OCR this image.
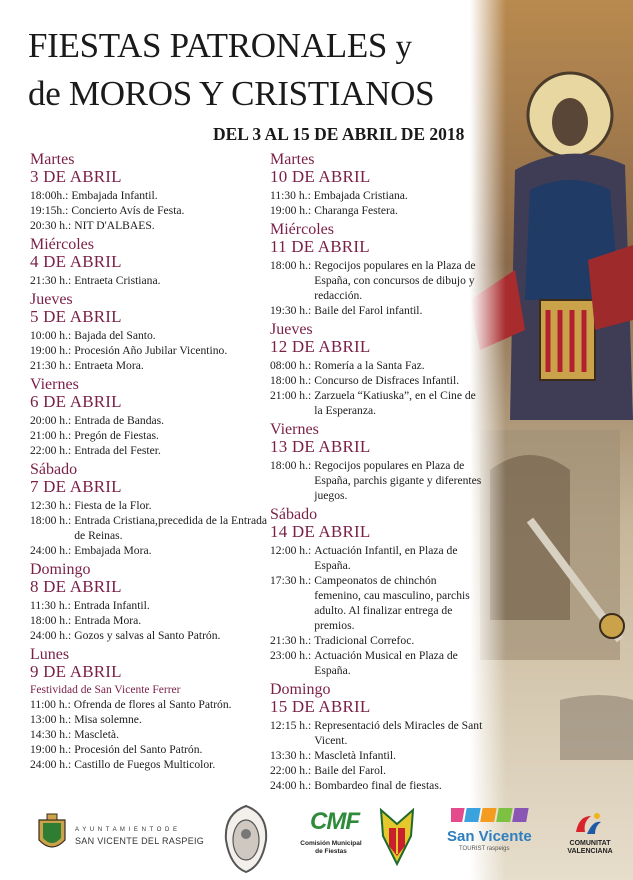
FIESTAS PATRONALES y
de MOROS Y CRISTIANOS
DEL 3 AL 15 DE ABRIL DE 2018
Martes
3 DE ABRIL
18:00h.: Embajada Infantil.
19:15h.: Concierto Avís de Festa.
20:30 h.: NIT D'ALBAES.
Miércoles
4 DE ABRIL
21:30 h.: Entraeta Cristiana.
Jueves
5 DE ABRIL
10:00 h.: Bajada del Santo.
19:00 h.: Procesión Año Jubilar Vicentino.
21:30 h.: Entraeta Mora.
Viernes
6 DE ABRIL
20:00 h.: Entrada de Bandas.
21:00 h.: Pregón de Fiestas.
22:00 h.: Entrada del Fester.
Sábado
7 DE ABRIL
12:30 h.: Fiesta de la Flor.
18:00 h.: Entrada Cristiana,precedida de la Entrada de Reinas.
24:00 h.: Embajada Mora.
Domingo
8 DE ABRIL
11:30 h.: Entrada Infantil.
18:00 h.: Entrada Mora.
24:00 h.: Gozos y salvas al Santo Patrón.
Lunes
9 DE ABRIL
Festividad de San Vicente Ferrer
11:00 h.: Ofrenda de flores al Santo Patrón.
13:00 h.: Misa solemne.
14:30 h.: Mascletà.
19:00 h.: Procesión del Santo Patrón.
24:00 h.: Castillo de Fuegos Multicolor.
Martes
10 DE ABRIL
11:30 h.: Embajada Cristiana.
19:00 h.: Charanga Festera.
Miércoles
11 DE ABRIL
18:00 h.: Regocijos populares en la Plaza de España, con concursos de dibujo y redacción.
19:30 h.: Baile del Farol infantil.
Jueves
12 DE ABRIL
08:00 h.: Romería a la Santa Faz.
18:00 h.: Concurso de Disfraces Infantil.
21:00 h.: Zarzuela “Katiuska”, en el Cine de la Esperanza.
Viernes
13 DE ABRIL
18:00 h.: Regocijos populares en Plaza de España, parchis gigante y diferentes juegos.
Sábado
14 DE ABRIL
12:00 h.: Actuación Infantil, en Plaza de España.
17:30 h.: Campeonatos de chinchón femenino, cau masculino, parchis adulto. Al finalizar entrega de premios.
21:30 h.: Tradicional Correfoc.
23:00 h.: Actuación Musical en Plaza de España.
Domingo
15 DE ABRIL
12:15 h.: Representació dels Miracles de Sant Vicent.
13:30 h.: Mascletà Infantil.
22:00 h.: Baile del Farol.
24:00 h.: Bombardeo final de fiestas.
A Y U N T A M I E N T O D E
SAN VICENTE DEL RASPEIG
CMF
Comisión Municipal de Fiestas
San Vicente
TOURIST raspeigs
COMUNITAT
VALENCIANA
